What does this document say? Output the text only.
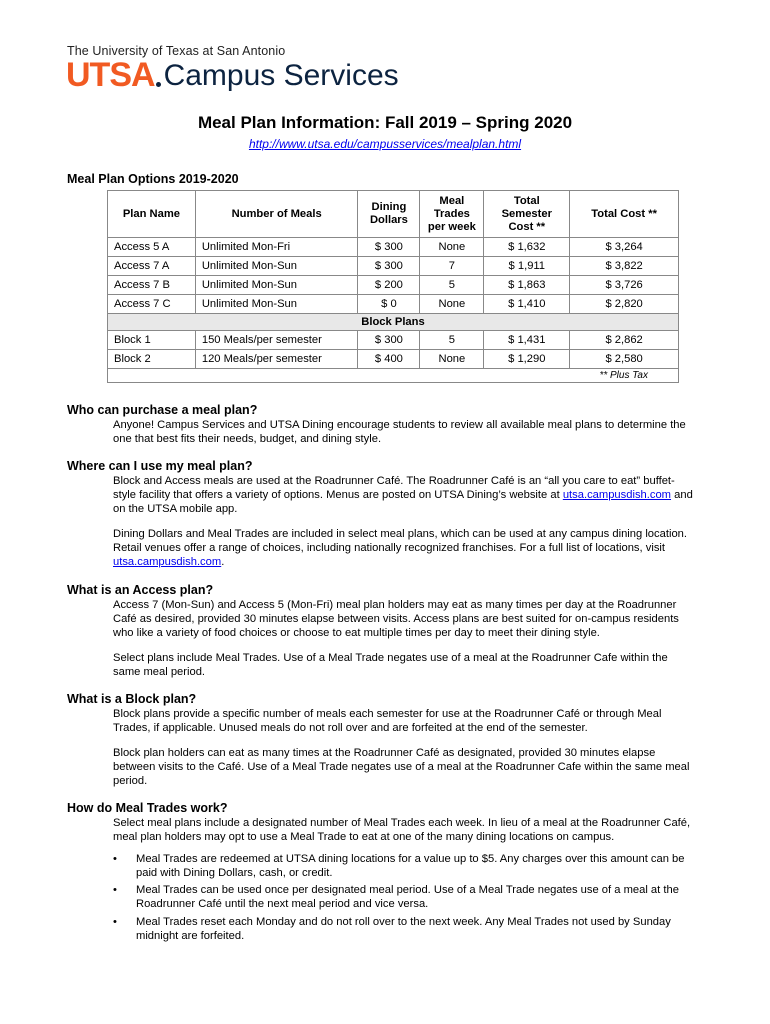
The University of Texas at San Antonio
UTSA Campus Services
Meal Plan Information: Fall 2019 – Spring 2020
http://www.utsa.edu/campusservices/mealplan.html
Meal Plan Options 2019-2020
Plan Name	Number of Meals	Dining Dollars	Meal Trades per week	Total Semester Cost **	Total Cost **
Access 5 A	Unlimited Mon-Fri	$ 300	None	$ 1,632	$ 3,264
Access 7 A	Unlimited Mon-Sun	$ 300	7	$ 1,911	$ 3,822
Access 7 B	Unlimited Mon-Sun	$ 200	5	$ 1,863	$ 3,726
Access 7 C	Unlimited Mon-Sun	$ 0	None	$ 1,410	$ 2,820
Block Plans					
Block 1	150 Meals/per semester	$ 300	5	$ 1,431	$ 2,862
Block 2	120 Meals/per semester	$ 400	None	$ 1,290	$ 2,580
** Plus Tax					
Who can purchase a meal plan?
Anyone! Campus Services and UTSA Dining encourage students to review all available meal plans to determine the one that best fits their needs, budget, and dining style.
Where can I use my meal plan?
Block and Access meals are used at the Roadrunner Café. The Roadrunner Café is an “all you care to eat” buffet-style facility that offers a variety of options. Menus are posted on UTSA Dining’s website at utsa.campusdish.com and on the UTSA mobile app.
Dining Dollars and Meal Trades are included in select meal plans, which can be used at any campus dining location. Retail venues offer a range of choices, including nationally recognized franchises. For a full list of locations, visit utsa.campusdish.com.
What is an Access plan?
Access 7 (Mon-Sun) and Access 5 (Mon-Fri) meal plan holders may eat as many times per day at the Roadrunner Café as desired, provided 30 minutes elapse between visits. Access plans are best suited for on-campus residents who like a variety of food choices or choose to eat multiple times per day to meet their dining style.
Select plans include Meal Trades. Use of a Meal Trade negates use of a meal at the Roadrunner Cafe within the same meal period.
What is a Block plan?
Block plans provide a specific number of meals each semester for use at the Roadrunner Café or through Meal Trades, if applicable. Unused meals do not roll over and are forfeited at the end of the semester.
Block plan holders can eat as many times at the Roadrunner Café as designated, provided 30 minutes elapse between visits to the Café. Use of a Meal Trade negates use of a meal at the Roadrunner Cafe within the same meal period.
How do Meal Trades work?
Select meal plans include a designated number of Meal Trades each week. In lieu of a meal at the Roadrunner Café, meal plan holders may opt to use a Meal Trade to eat at one of the many dining locations on campus.
•	Meal Trades are redeemed at UTSA dining locations for a value up to $5. Any charges over this amount can be paid with Dining Dollars, cash, or credit.
•	Meal Trades can be used once per designated meal period. Use of a Meal Trade negates use of a meal at the Roadrunner Café until the next meal period and vice versa.
•	Meal Trades reset each Monday and do not roll over to the next week. Any Meal Trades not used by Sunday midnight are forfeited.
